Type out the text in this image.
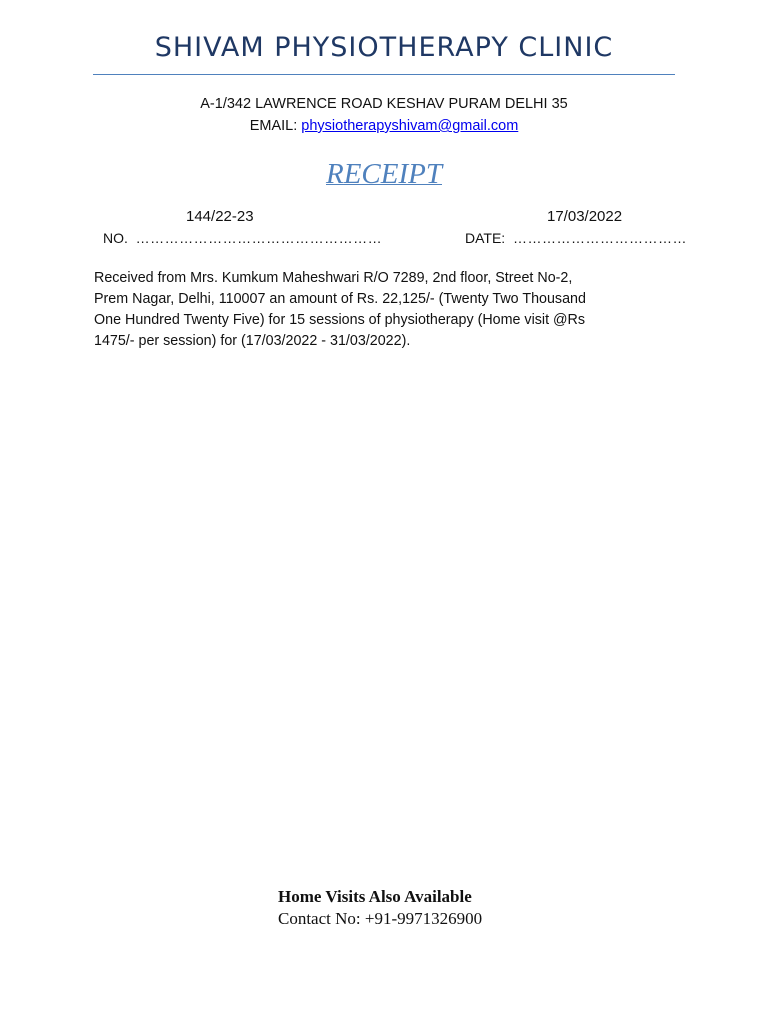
SHIVAM PHYSIOTHERAPY CLINIC
A-1/342 LAWRENCE ROAD KESHAV PURAM DELHI 35
EMAIL: physiotherapyshivam@gmail.com
RECEIPT
144/22-23	17/03/2022
NO. ……………………………………………	DATE: ………………………………
Received from Mrs. Kumkum Maheshwari R/O 7289, 2nd floor, Street No-2,
Prem Nagar, Delhi, 110007 an amount of Rs. 22,125/- (Twenty Two Thousand
One Hundred Twenty Five) for 15 sessions of physiotherapy (Home visit @Rs
1475/- per session) for (17/03/2022 - 31/03/2022).
Home Visits Also Available
Contact No: +91-9971326900
